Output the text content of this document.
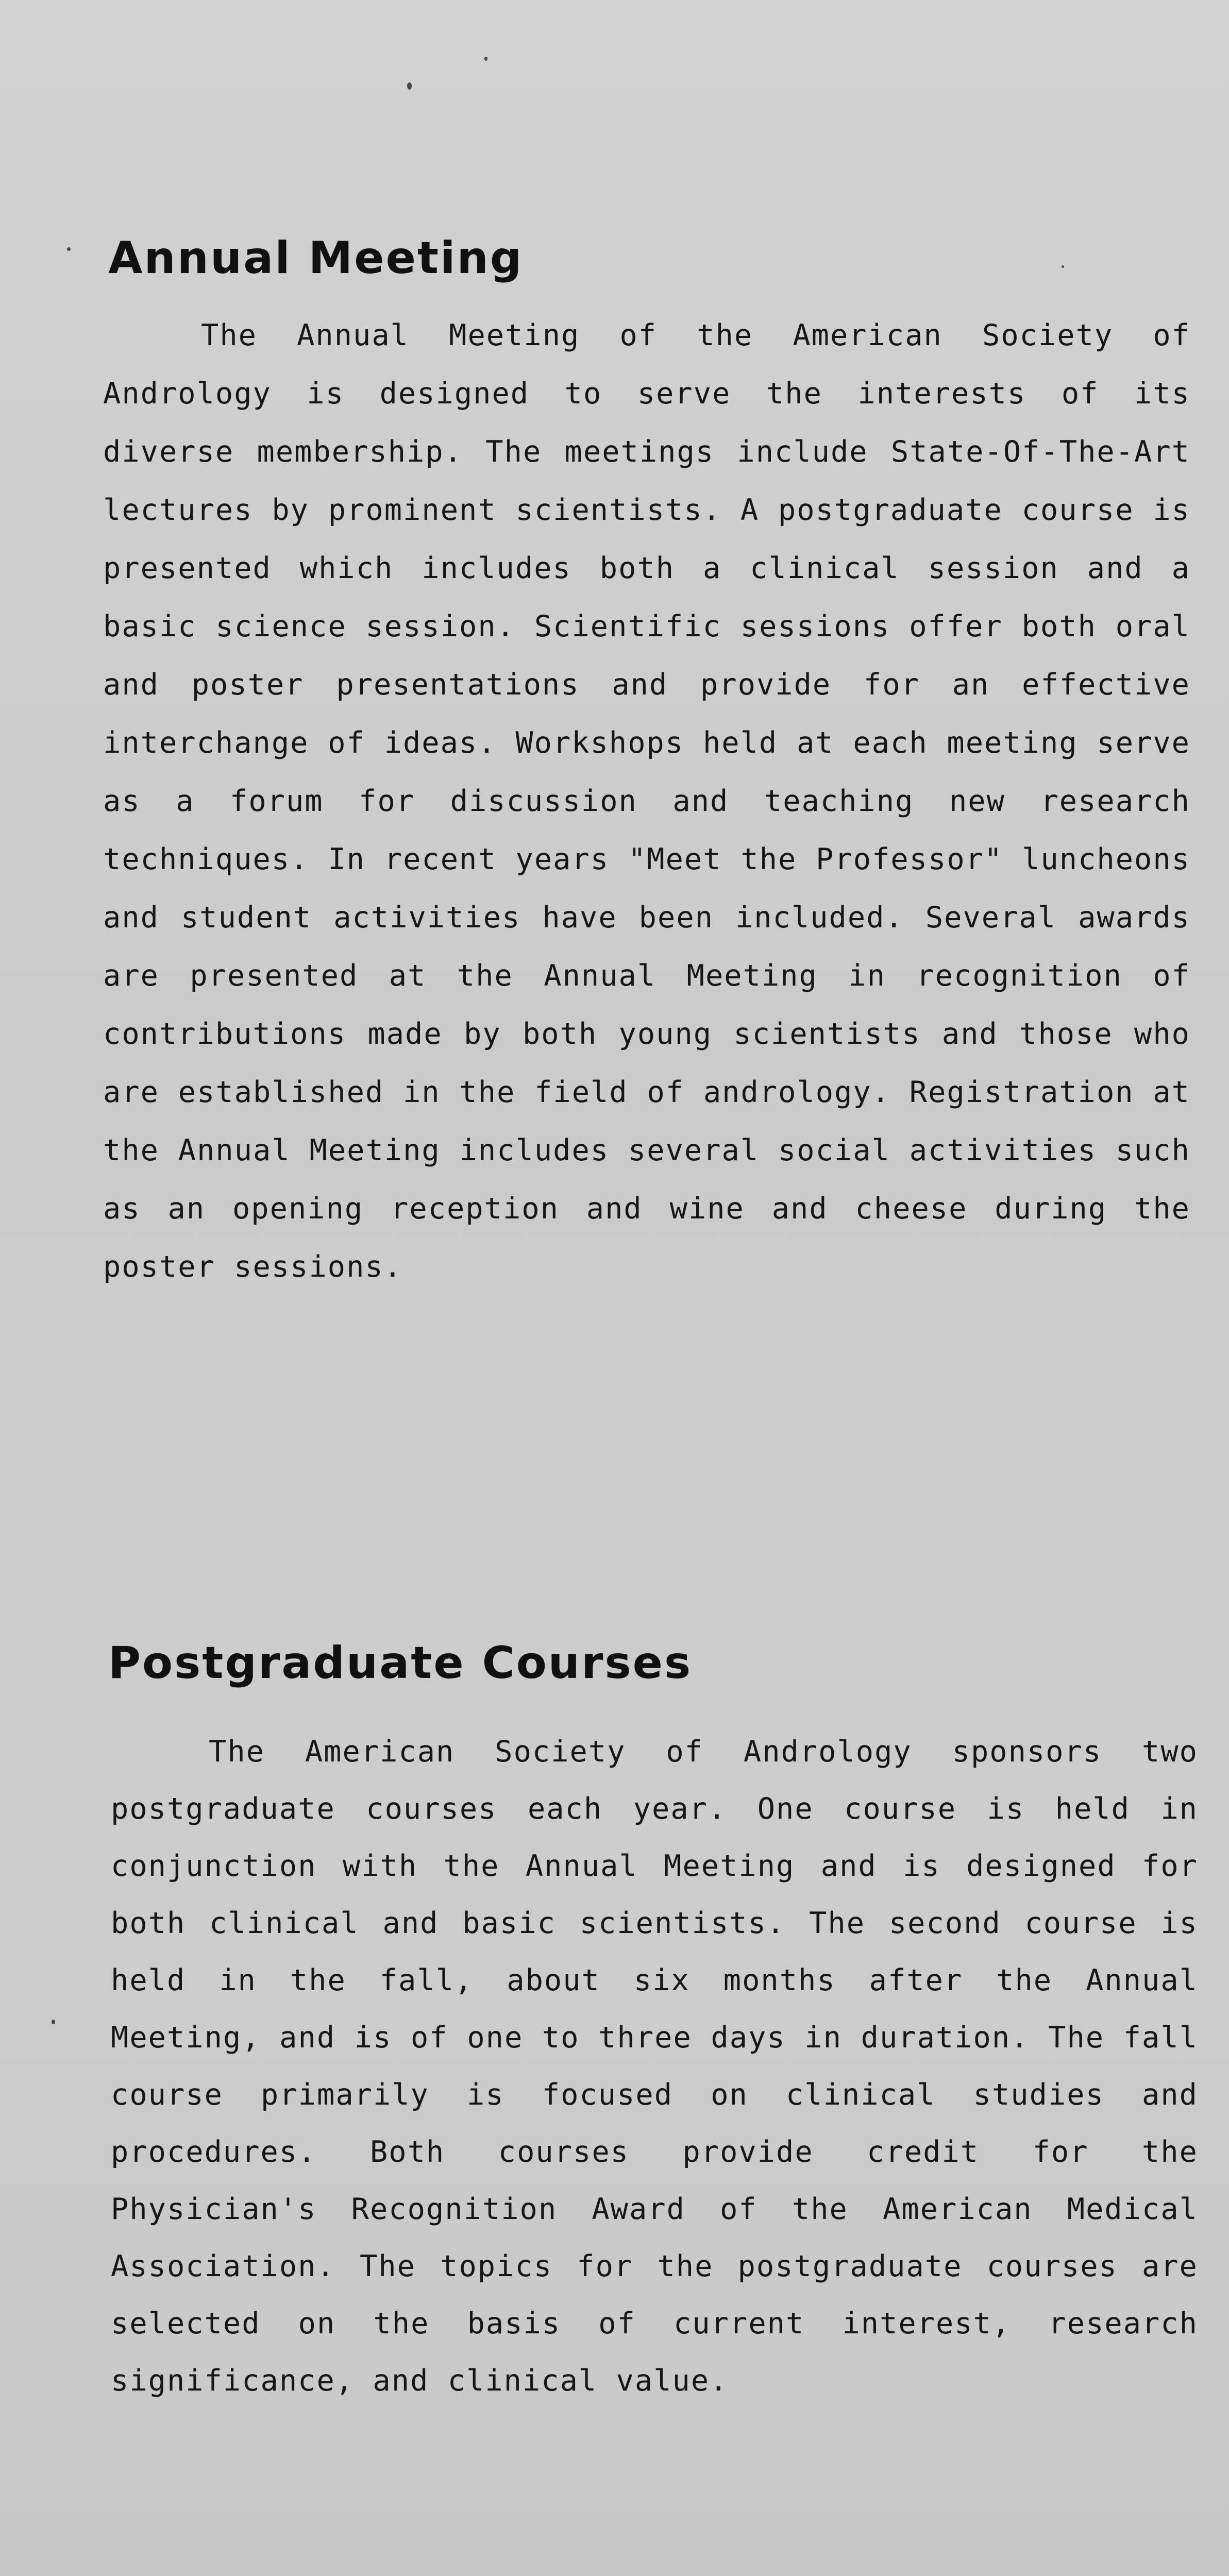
Annual Meeting

The Annual Meeting of the American Society of Andrology is designed to serve the interests of its diverse membership. The meetings include State-Of-The-Art lectures by prominent scientists. A postgraduate course is presented which includes both a clinical session and a basic science session. Scientific sessions offer both oral and poster presentations and provide for an effective interchange of ideas. Workshops held at each meeting serve as a forum for discussion and teaching new research techniques. In recent years "Meet the Professor" luncheons and student activities have been included. Several awards are presented at the Annual Meeting in recognition of contributions made by both young scientists and those who are established in the field of andrology. Registration at the Annual Meeting includes several social activities such as an opening reception and wine and cheese during the poster sessions.

Postgraduate Courses

The American Society of Andrology sponsors two postgraduate courses each year. One course is held in conjunction with the Annual Meeting and is designed for both clinical and basic scientists. The second course is held in the fall, about six months after the Annual Meeting, and is of one to three days in duration. The fall course primarily is focused on clinical studies and procedures. Both courses provide credit for the Physician's Recognition Award of the American Medical Association. The topics for the postgraduate courses are selected on the basis of current interest, research significance, and clinical value.
